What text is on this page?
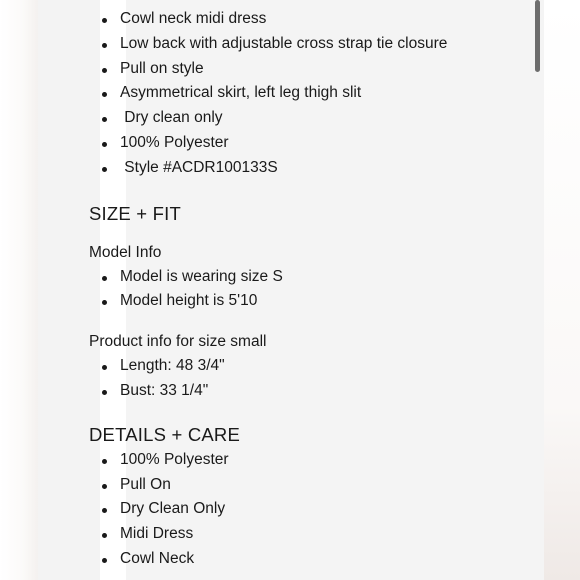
Cowl neck midi dress
Low back with adjustable cross strap tie closure
Pull on style
Asymmetrical skirt, left leg thigh slit
Dry clean only
100% Polyester
Style #ACDR100133S
SIZE + FIT

Model Info

Model is wearing size S
Model height is 5'10

Product info for size small

Length: 48 3/4"
Bust: 33 1/4"
DETAILS + CARE
100% Polyester
Pull On
Dry Clean Only
Midi Dress
Cowl Neck
